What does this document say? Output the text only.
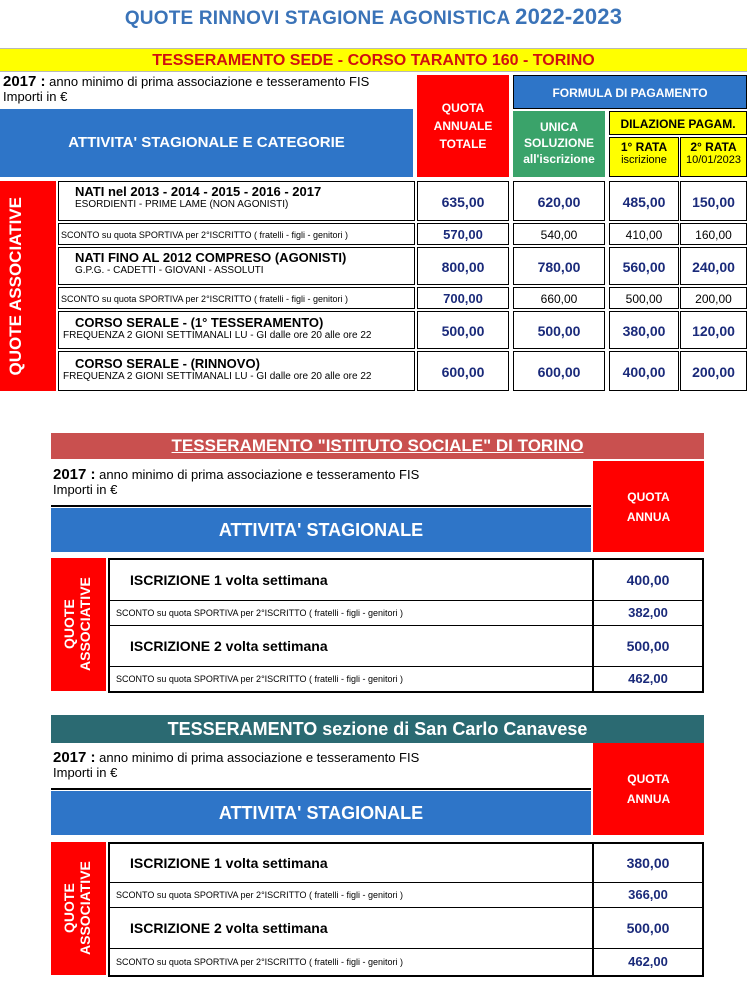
QUOTE RINNOVI STAGIONE AGONISTICA 2022-2023
TESSERAMENTO SEDE - CORSO TARANTO 160 - TORINO
2017 : anno minimo di prima associazione e tesseramento FIS
Importi in €
ATTIVITA' STAGIONALE E CATEGORIE
QUOTA ANNUALE TOTALE
FORMULA DI PAGAMENTO
UNICA SOLUZIONE all'iscrizione
DILAZIONE PAGAM.
1° RATA
iscrizione
2° RATA
10/01/2023
QUOTE ASSOCIATIVE
NATI nel 2013 - 2014 - 2015 - 2016 - 2017
ESORDIENTI - PRIME LAME (NON AGONISTI)	635,00	620,00	485,00	150,00
SCONTO su quota SPORTIVA per 2°ISCRITTO ( fratelli - figli - genitori )	570,00	540,00	410,00	160,00
NATI FINO AL 2012 COMPRESO (AGONISTI)
G.P.G. - CADETTI - GIOVANI - ASSOLUTI	800,00	780,00	560,00	240,00
SCONTO su quota SPORTIVA per 2°ISCRITTO ( fratelli - figli - genitori )	700,00	660,00	500,00	200,00
CORSO SERALE - (1° TESSERAMENTO)
FREQUENZA 2 GIONI SETTIMANALI LU - GI dalle ore 20 alle ore 22	500,00	500,00	380,00	120,00
CORSO SERALE - (RINNOVO)
FREQUENZA 2 GIONI SETTIMANALI LU - GI dalle ore 20 alle ore 22	600,00	600,00	400,00	200,00
TESSERAMENTO "ISTITUTO SOCIALE" DI TORINO
2017 : anno minimo di prima associazione e tesseramento FIS
Importi in €
ATTIVITA' STAGIONALE
QUOTA ANNUA
QUOTE ASSOCIATIVE	ISCRIZIONE 1 volta settimana	400,00
SCONTO su quota SPORTIVA per 2°ISCRITTO ( fratelli - figli - genitori )	382,00
ISCRIZIONE 2 volta settimana	500,00
SCONTO su quota SPORTIVA per 2°ISCRITTO ( fratelli - figli - genitori )	462,00
TESSERAMENTO sezione di San Carlo Canavese
2017 : anno minimo di prima associazione e tesseramento FIS
Importi in €
ATTIVITA' STAGIONALE
QUOTA ANNUA
QUOTE ASSOCIATIVE	ISCRIZIONE 1 volta settimana	380,00
SCONTO su quota SPORTIVA per 2°ISCRITTO ( fratelli - figli - genitori )	366,00
ISCRIZIONE 2 volta settimana	500,00
SCONTO su quota SPORTIVA per 2°ISCRITTO ( fratelli - figli - genitori )	462,00
